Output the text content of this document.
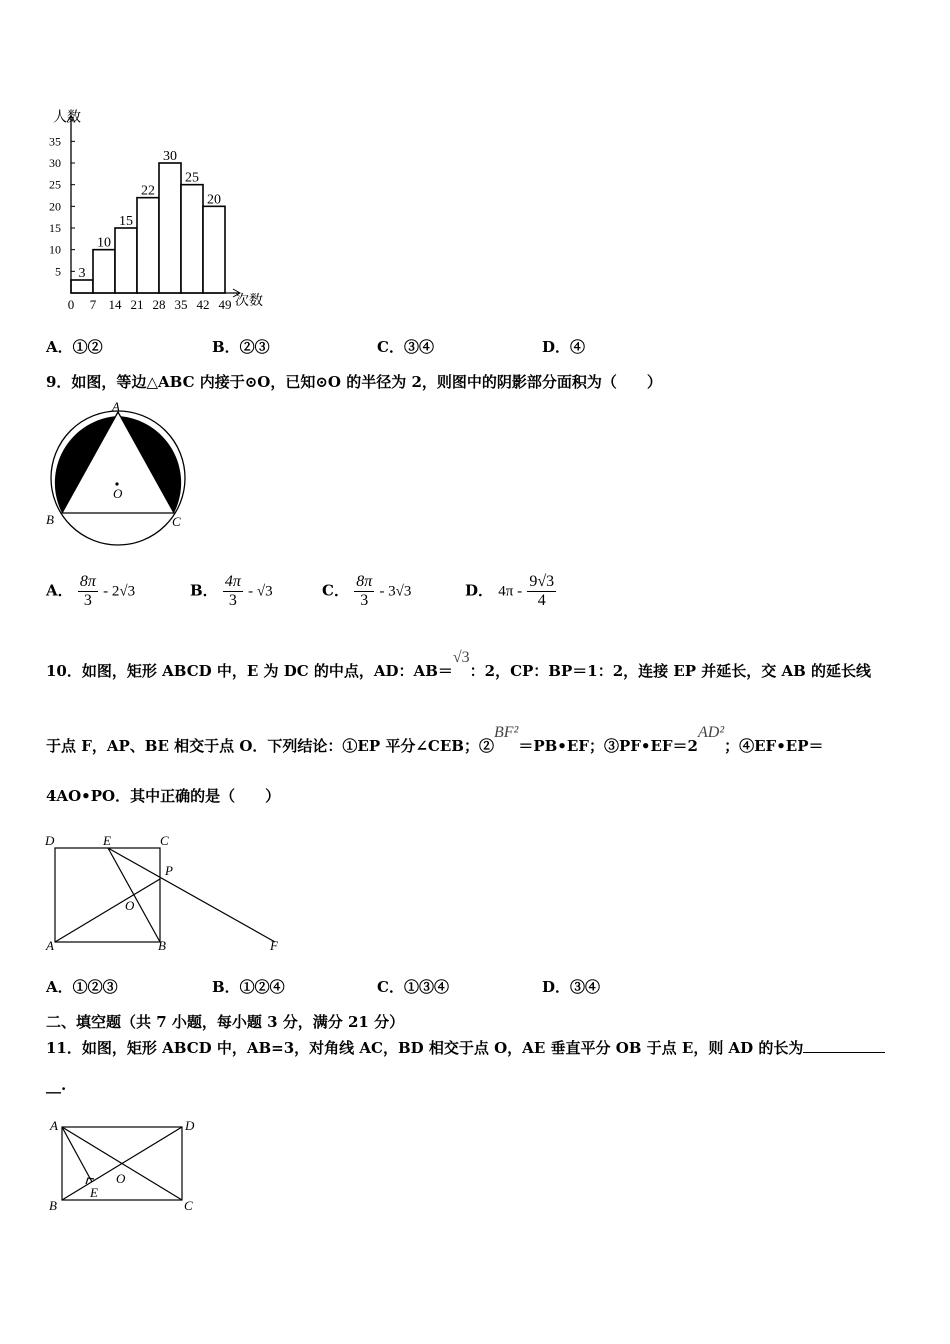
3
10
15
22
30
25
20
5
10
15
20
25
30
35
0 7 14 21 28 35 42 49
人数
次数
A．①②	B．②③	C．③④	D．④
9．如图，等边△ABC 内接于⊙O，已知⊙O 的半径为 2，则图中的阴影部分面积为（　　）
A
B	C
O
A． $\frac{8\pi}{3} - 2√3$	B． $\frac{4\pi}{3} - √3$	C． $\frac{8\pi}{3} - 3√3$	D． $4\pi - \frac{9√3}{4}$
10．如图，矩形 ABCD 中，E 为 DC 的中点，AD：AB＝√3：2，CP：BP＝1：2，连接 EP 并延长，交 AB 的延长线
于点 F，AP、BE 相交于点 O．下列结论：①EP 平分∠CEB；②BF²＝PB•EF；③PF•EF＝2AD²；④EF•EP＝
4AO•PO．其中正确的是（　　）
D	E	C
P
O
A	B	F
A．①②③	B．①②④	C．①③④	D．③④
二、填空题（共 7 小题，每小题 3 分，满分 21 分）
11．如图，矩形 ABCD 中，AB=3，对角线 AC，BD 相交于点 O，AE 垂直平分 OB 于点 E，则 AD 的长为
__.
A	D
B	C
E
O
